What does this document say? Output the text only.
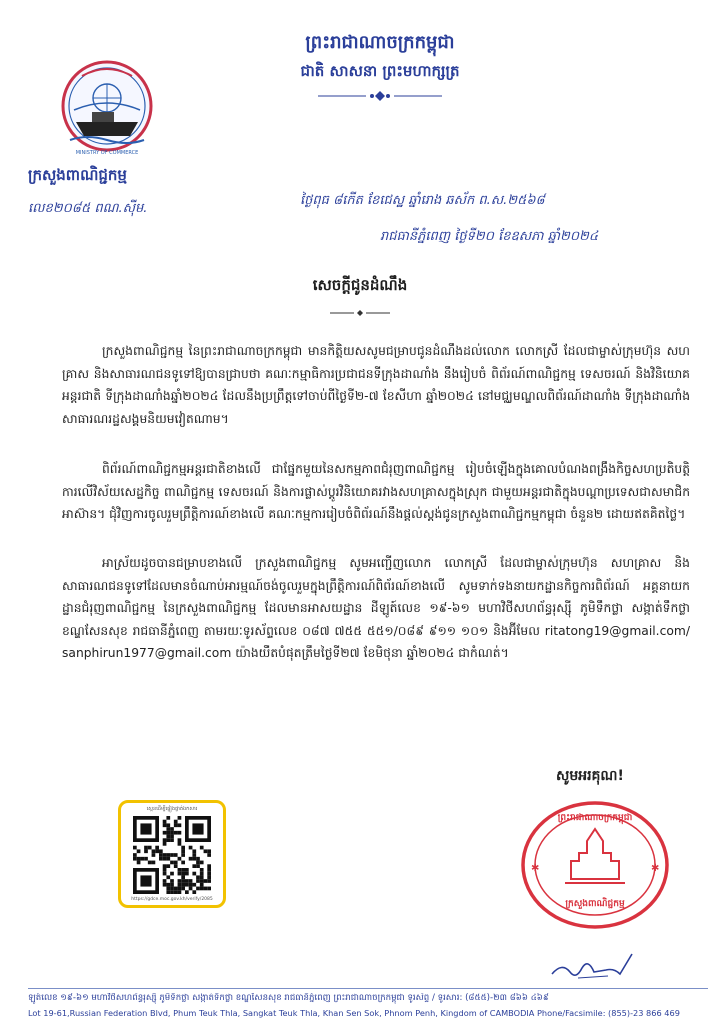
ព្រះរាជាណាចក្រកម្ពុជា
ជាតិ សាសនា ព្រះមហាក្សត្រ
MINISTRY OF COMMERCE
ក្រសួងពាណិជ្ជកម្ម
លេខ២០៨៥ ពណ.ស៊ីម.
ថ្ងៃពុធ ៨កើត ខែជេស្ឋ ឆ្នាំរោង ឆស័ក ព.ស.២៥៦៨
រាជធានីភ្នំពេញ ថ្ងៃទី២០ ខែឧសភា ឆ្នាំ២០២៤
សេចក្តីជូនដំណឹង
ក្រសួងពាណិជ្ជកម្ម នៃព្រះរាជាណាចក្រកម្ពុជា មានកិត្តិយសសូមជម្រាបជូនដំណឹងដល់លោក លោកស្រី ដែលជាម្ចាស់ក្រុមហ៊ុន សហគ្រាស និងសាធារណជនទូទៅឱ្យបានជ្រាបថា គណៈកម្មាធិការប្រជាជនទីក្រុងដាណាំង នឹងរៀបចំ ពិព័រណ៍ពាណិជ្ជកម្ម ទេសចរណ៍ និងវិនិយោគអន្តរជាតិ ទីក្រុងដាណាំងឆ្នាំ២០២៤ ដែលនឹងប្រព្រឹត្តទៅចាប់ពីថ្ងៃទី២-៧ ខែសីហា ឆ្នាំ២០២៤ នៅមជ្ឈមណ្ឌលពិព័រណ៍ដាណាំង ទីក្រុងដាណាំង សាធារណរដ្ឋសង្គមនិយមវៀតណាម។
ពិព័រណ៍ពាណិជ្ជកម្មអន្តរជាតិខាងលើ ជាផ្នែកមួយនៃសកម្មភាពជំរុញពាណិជ្ជកម្ម រៀបចំឡើងក្នុងគោលបំណងពង្រឹងកិច្ចសហប្រតិបត្តិការលើវិស័យសេដ្ឋកិច្ច ពាណិជ្ជកម្ម ទេសចរណ៍ និងការផ្លាស់ប្តូរវិនិយោគរវាងសហគ្រាសក្នុងស្រុក ជាមួយអន្តរជាតិក្នុងបណ្តាប្រទេសជាសមាជិកអាស៊ាន។ ជុំវិញការចូលរួមព្រឹត្តិការណ៍ខាងលើ គណៈកម្មការរៀបចំពិព័រណ៍នឹងផ្តល់ស្តង់ជូនក្រសួងពាណិជ្ជកម្មកម្ពុជា ចំនួន២ ដោយឥតគិតថ្លៃ។
អាស្រ័យដូចបានជម្រាបខាងលើ ក្រសួងពាណិជ្ជកម្ម សូមអញ្ជើញលោក លោកស្រី ដែលជាម្ចាស់ក្រុមហ៊ុន សហគ្រាស និងសាធារណជនទូទៅដែលមានចំណាប់អារម្មណ៍ចង់ចូលរួមក្នុងព្រឹត្តិការណ៍ពិព័រណ៍ខាងលើ សូមទាក់ទងនាយកដ្ឋានកិច្ចការពិព័រណ៍ អគ្គនាយកដ្ឋានជំរុញពាណិជ្ជកម្ម នៃក្រសួងពាណិជ្ជកម្ម ដែលមានអាសយដ្ឋាន ដីឡូត៍លេខ ១៩-៦១ មហាវិថីសហព័ន្ធរុស្ស៊ី ភូមិទឹកថ្លា សង្កាត់ទឹកថ្លា ខណ្ឌសែនសុខ រាជធានីភ្នំពេញ តាមរយៈទូរស័ព្ទលេខ ០៨៧ ៧៥៥ ៥៥១/០៨៩ ៩១១ ១០១ និងអ៊ីមែល ritatong19@gmail.com/ sanphirun1977@gmail.com យ៉ាងយឺតបំផុតត្រឹមថ្ងៃទី២៧ ខែមិថុនា ឆ្នាំ២០២៤ ជាកំណត់។
សូមអរគុណ!
ស្កេនដើម្បីផ្ទៀងផ្ទាត់ឯកសារ
https://gdce.moc.gov.kh/verify/2085
✱	✱
ព្រះរាជាណាចក្រកម្ពុជា
ក្រសួងពាណិជ្ជកម្ម
ឡូត៍លេខ ១៩-៦១ មហាវិថីសហព័ន្ធរុស្ស៊ី ភូមិទឹកថ្លា សង្កាត់ទឹកថ្លា ខណ្ឌសែនសុខ រាជធានីភ្នំពេញ ព្រះរាជាណាចក្រកម្ពុជា ទូរស័ព្ទ / ទូរសារ: (៨៥៥)-២៣ ៨៦៦ ៤៦៩
Lot 19-61,Russian Federation Blvd, Phum Teuk Thla, Sangkat Teuk Thla, Khan Sen Sok, Phnom Penh, Kingdom of CAMBODIA Phone/Facsimile: (855)-23 866 469
